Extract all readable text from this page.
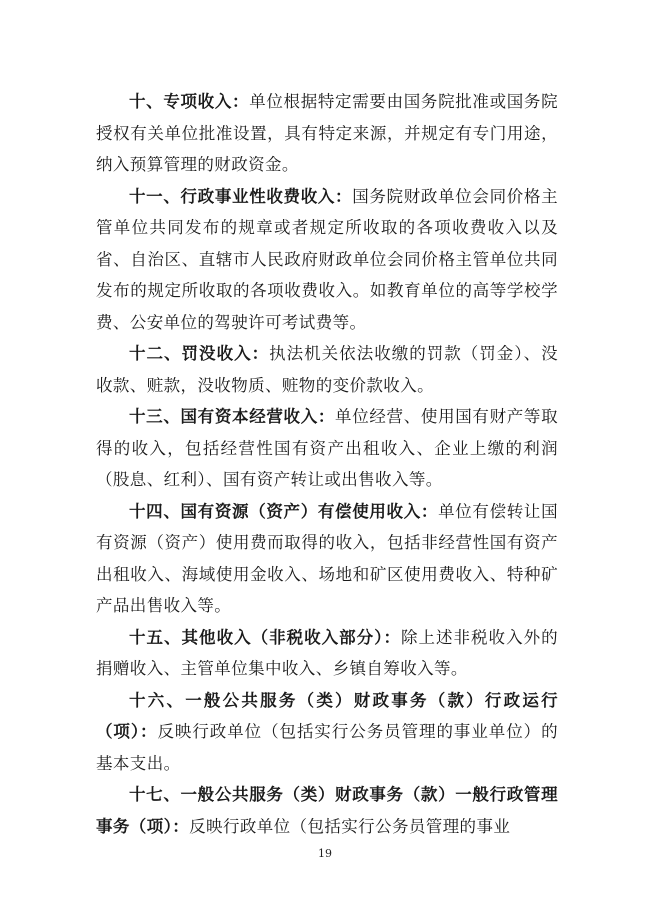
十、专项收入：单位根据特定需要由国务院批准或国务院授权有关单位批准设置，具有特定来源，并规定有专门用途，纳入预算管理的财政资金。

十一、行政事业性收费收入：国务院财政单位会同价格主管单位共同发布的规章或者规定所收取的各项收费收入以及省、自治区、直辖市人民政府财政单位会同价格主管单位共同发布的规定所收取的各项收费收入。如教育单位的高等学校学费、公安单位的驾驶许可考试费等。

十二、罚没收入：执法机关依法收缴的罚款（罚金）、没收款、赃款，没收物质、赃物的变价款收入。

十三、国有资本经营收入：单位经营、使用国有财产等取得的收入，包括经营性国有资产出租收入、企业上缴的利润（股息、红利）、国有资产转让或出售收入等。

十四、国有资源（资产）有偿使用收入：单位有偿转让国有资源（资产）使用费而取得的收入，包括非经营性国有资产出租收入、海域使用金收入、场地和矿区使用费收入、特种矿产品出售收入等。

十五、其他收入（非税收入部分）：除上述非税收入外的捐赠收入、主管单位集中收入、乡镇自筹收入等。

十六、一般公共服务（类）财政事务（款）行政运行（项）：反映行政单位（包括实行公务员管理的事业单位）的基本支出。

十七、一般公共服务（类）财政事务（款）一般行政管理事务（项）：反映行政单位（包括实行公务员管理的事业

19
